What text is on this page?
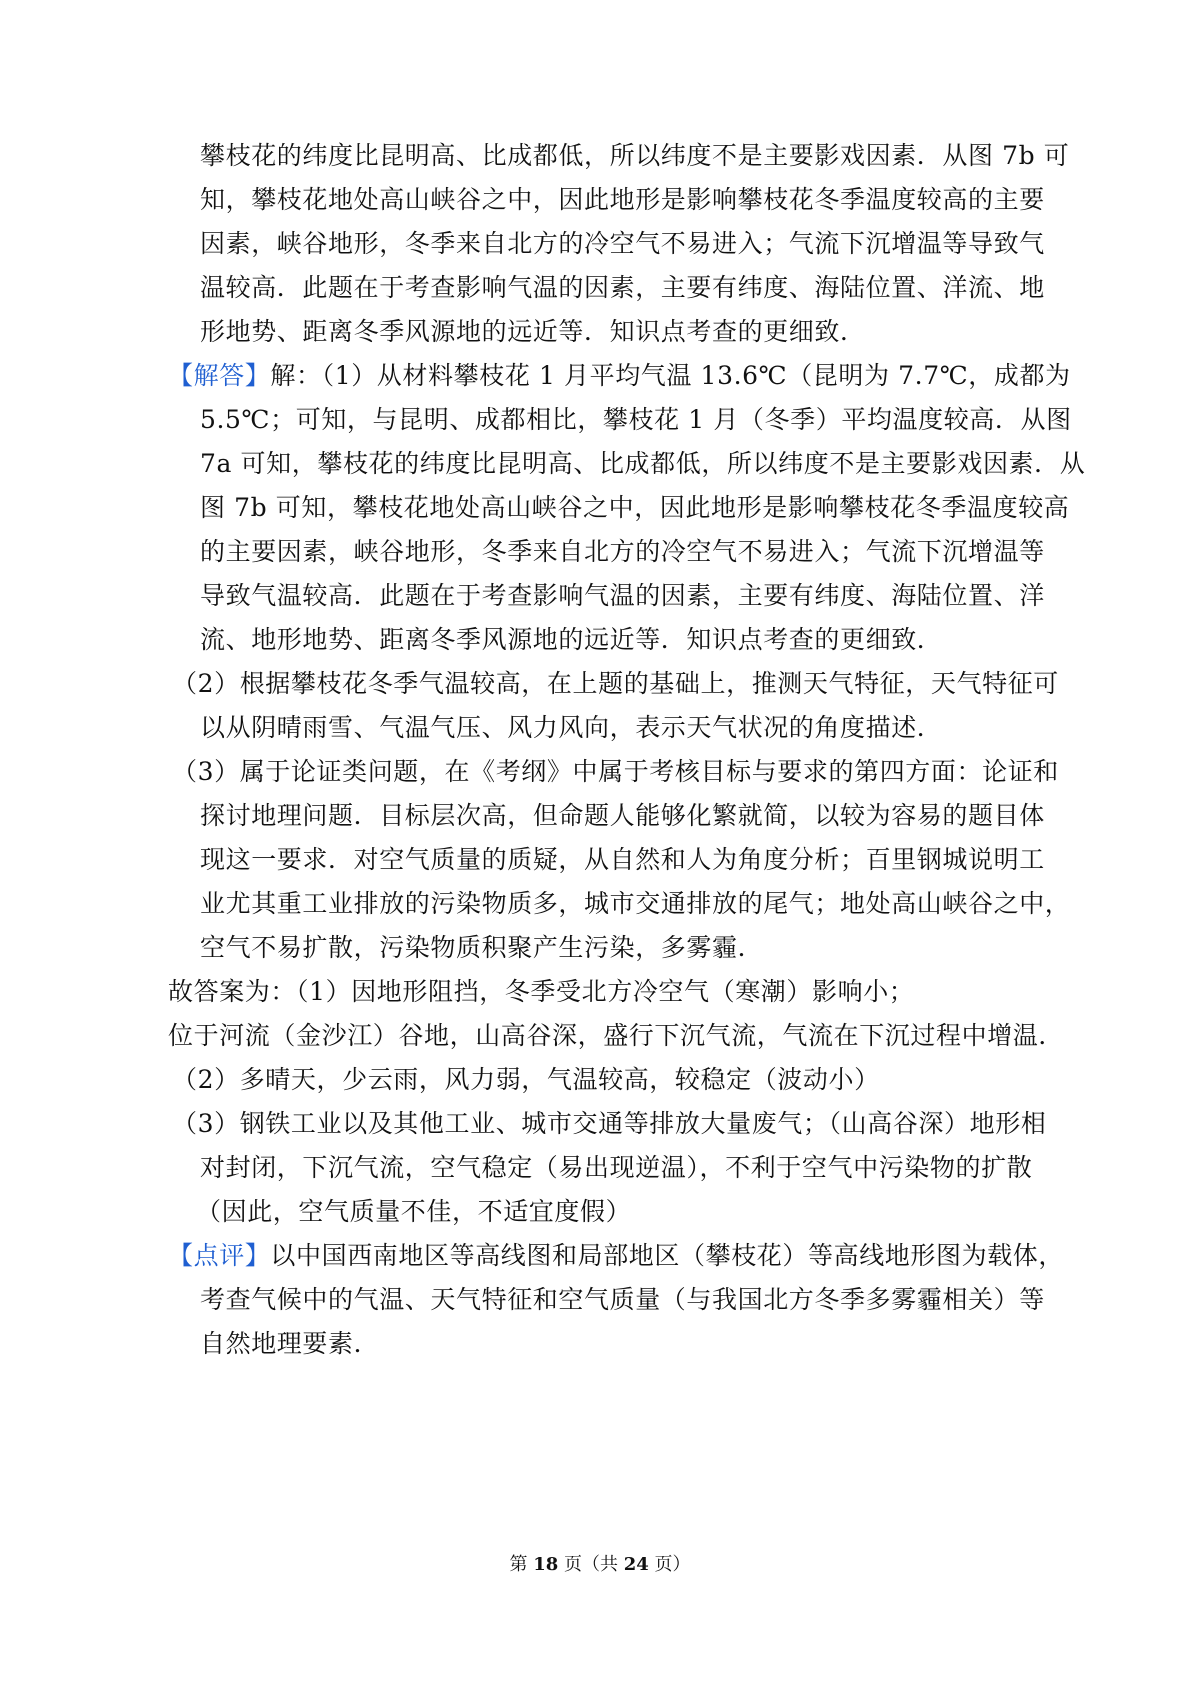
攀枝花的纬度比昆明高、比成都低，所以纬度不是主要影戏因素．从图 7b 可
知，攀枝花地处高山峡谷之中，因此地形是影响攀枝花冬季温度较高的主要
因素，峡谷地形，冬季来自北方的冷空气不易进入；气流下沉增温等导致气
温较高．此题在于考查影响气温的因素，主要有纬度、海陆位置、洋流、地
形地势、距离冬季风源地的远近等．知识点考查的更细致．
【解答】解：（1）从材料攀枝花 1 月平均气温 13.6℃（昆明为 7.7℃，成都为
5.5℃；可知，与昆明、成都相比，攀枝花 1 月（冬季）平均温度较高．从图
7a 可知，攀枝花的纬度比昆明高、比成都低，所以纬度不是主要影戏因素．从
图 7b 可知，攀枝花地处高山峡谷之中，因此地形是影响攀枝花冬季温度较高
的主要因素，峡谷地形，冬季来自北方的冷空气不易进入；气流下沉增温等
导致气温较高．此题在于考查影响气温的因素，主要有纬度、海陆位置、洋
流、地形地势、距离冬季风源地的远近等．知识点考查的更细致．
（2）根据攀枝花冬季气温较高，在上题的基础上，推测天气特征，天气特征可
以从阴晴雨雪、气温气压、风力风向，表示天气状况的角度描述．
（3）属于论证类问题，在《考纲》中属于考核目标与要求的第四方面：论证和
探讨地理问题．目标层次高，但命题人能够化繁就简，以较为容易的题目体
现这一要求．对空气质量的质疑，从自然和人为角度分析；百里钢城说明工
业尤其重工业排放的污染物质多，城市交通排放的尾气；地处高山峡谷之中，
空气不易扩散，污染物质积聚产生污染，多雾霾．
故答案为：（1）因地形阻挡，冬季受北方冷空气（寒潮）影响小；
位于河流（金沙江）谷地，山高谷深，盛行下沉气流，气流在下沉过程中增温．
（2）多晴天，少云雨，风力弱，气温较高，较稳定（波动小）
（3）钢铁工业以及其他工业、城市交通等排放大量废气；（山高谷深）地形相
对封闭，下沉气流，空气稳定（易出现逆温），不利于空气中污染物的扩散
（因此，空气质量不佳，不适宜度假）
【点评】以中国西南地区等高线图和局部地区（攀枝花）等高线地形图为载体，
考查气候中的气温、天气特征和空气质量（与我国北方冬季多雾霾相关）等
自然地理要素．
第 18 页（共 24 页）
